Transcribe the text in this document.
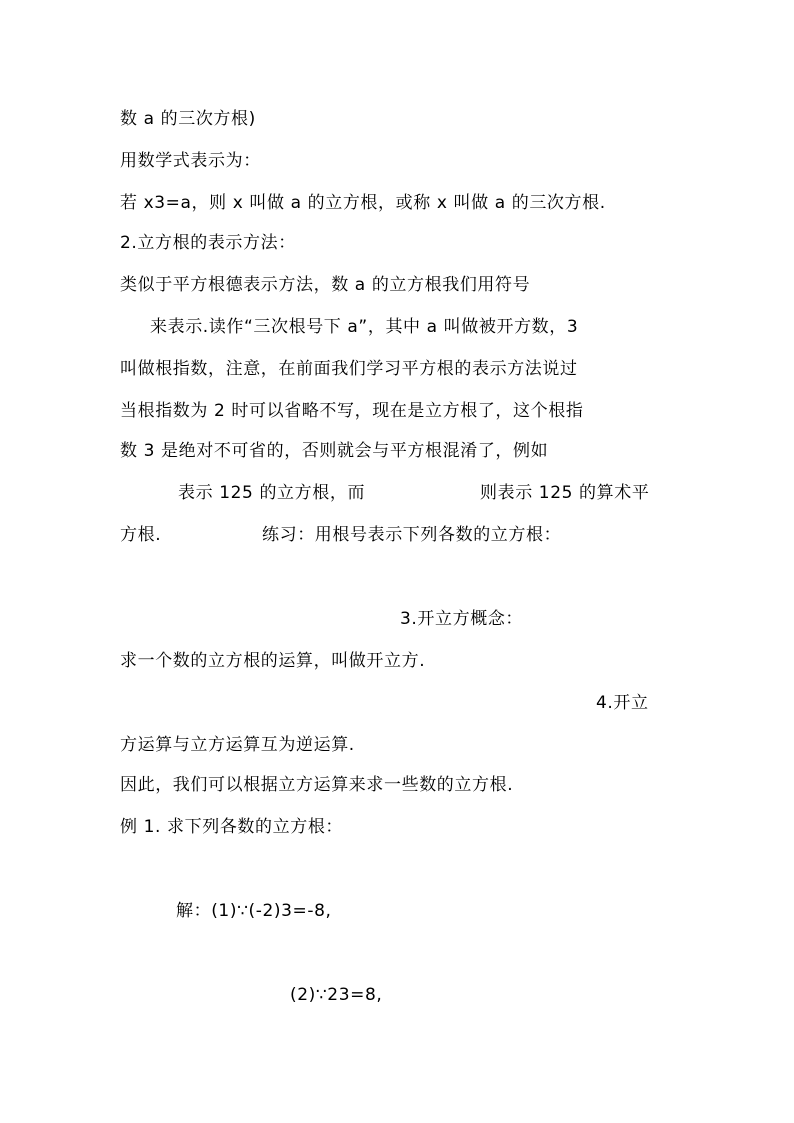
数 a 的三次方根)
用数学式表示为：
若 x3=a，则 x 叫做 a 的立方根，或称 x 叫做 a 的三次方根.
2.立方根的表示方法：
类似于平方根德表示方法，数 a 的立方根我们用符号
来表示.读作“三次根号下 a”，其中 a 叫做被开方数，3
叫做根指数，注意，在前面我们学习平方根的表示方法说过
当根指数为 2 时可以省略不写，现在是立方根了，这个根指
数 3 是绝对不可省的，否则就会与平方根混淆了，例如
表示 125 的立方根，而	则表示 125 的算术平
方根.	练习：用根号表示下列各数的立方根：
3.开立方概念：
求一个数的立方根的运算，叫做开立方.
4.开立
方运算与立方运算互为逆运算.
因此，我们可以根据立方运算来求一些数的立方根.
例 1. 求下列各数的立方根：
解：(1)∵(-2)3=-8,
(2)∵23=8,
